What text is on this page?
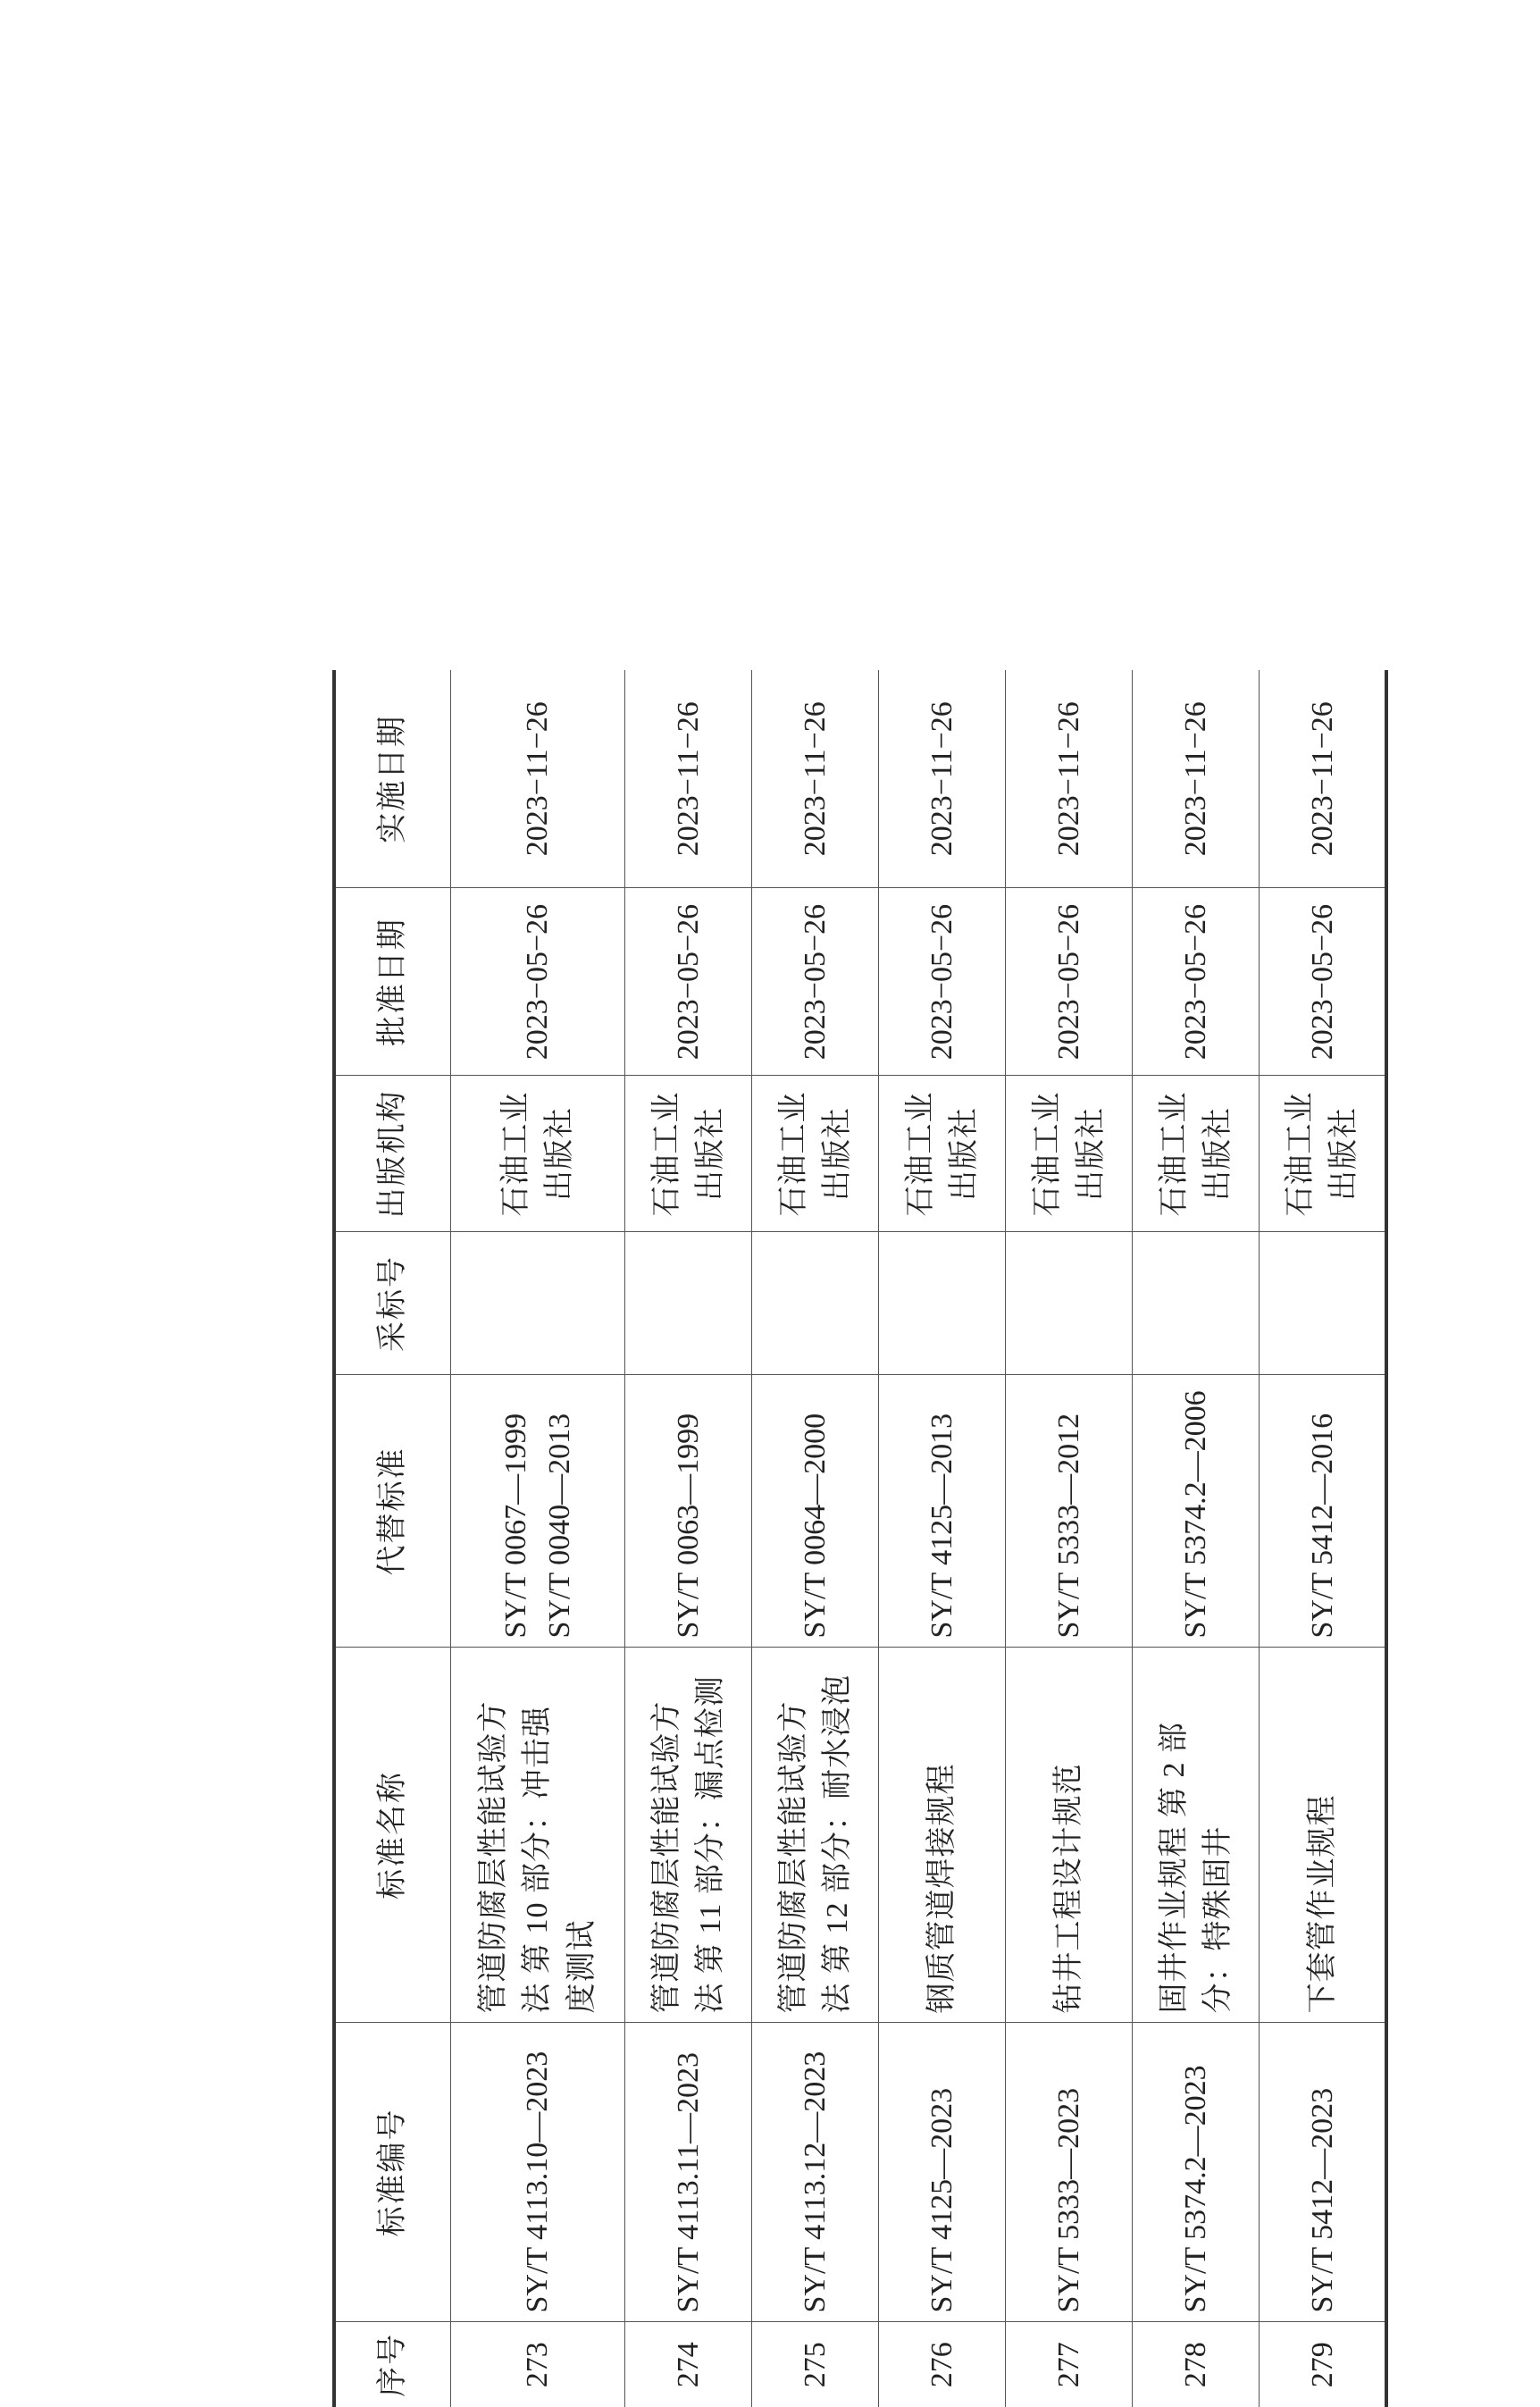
序号	标准编号	标准名称	代替标准	采标号	出版机构	批准日期	实施日期
273	SY/T 4113.10—2023	管道防腐层性能试验方 法 第 10 部分：冲击强 度测试	SY/T 0067—1999 SY/T 0040—2013		石油工业 出版社	2023−05−26	2023−11−26
274	SY/T 4113.11—2023	管道防腐层性能试验方 法 第 11 部分：漏点检测	SY/T 0063—1999		石油工业 出版社	2023−05−26	2023−11−26
275	SY/T 4113.12—2023	管道防腐层性能试验方 法 第 12 部分：耐水浸泡	SY/T 0064—2000		石油工业 出版社	2023−05−26	2023−11−26
276	SY/T 4125—2023	钢质管道焊接规程	SY/T 4125—2013		石油工业 出版社	2023−05−26	2023−11−26
277	SY/T 5333—2023	钻井工程设计规范	SY/T 5333—2012		石油工业 出版社	2023−05−26	2023−11−26
278	SY/T 5374.2—2023	固井作业规程 第 2 部 分：特殊固井	SY/T 5374.2—2006		石油工业 出版社	2023−05−26	2023−11−26
279	SY/T 5412—2023	下套管作业规程	SY/T 5412—2016		石油工业 出版社	2023−05−26	2023−11−26
